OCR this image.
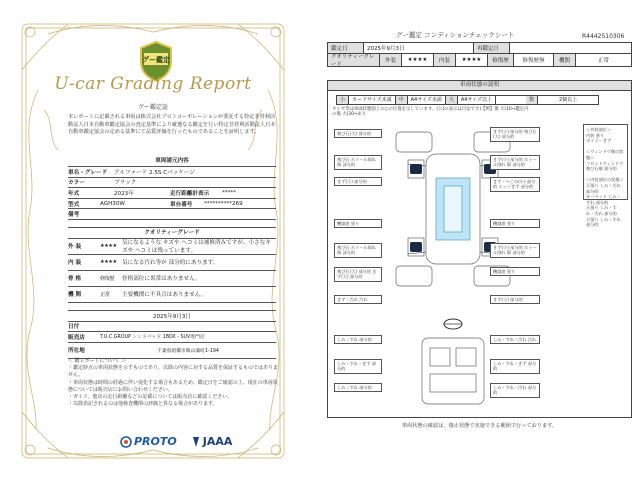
グー鑑定
U-car Grading Report
グー鑑定証
本レポートに記載される車両は株式会社プロトコーポレーションが委託する特定非営利活動法人日本自動車鑑定協会の査定基準により厳選なる鑑定を行い特定非営利活動法人日本自動車鑑定協会の定める基準にて品質評価を行ったものであることを証明します。
車両請元内容
車名・グレード	アルファード 2.5S Cパッケージ
カラー	ブラック
年式	2023年	走行距離計表示	*****
型式	AGH30W	車台番号	**********269
備考
クオリティーグレード
外 装	★★★★ 気になるような キズや へコミは補修済みですが、小さなキズや へコミは残っています。
内 装	★★★★ 気になる汚れ等が 部分的にあります。
骨 格	修復歴	骨格部位に異常はありません。
機 関	正常	主要機関に不具合はありません。
2025年9月3日
日付
販売店	T.U.C.GROUP シンドバッド 1BOX・SUV専門店
所在地	千葉県船橋市飯山満町1-194
＜ 鑑レポートについて ＞
・鑑定時点の車両状態を示すものであり、以降の内容に対する品質を保証するものではありません。
・車両状態は時間の経過に伴い変化する場合もあるため、鑑定日をご確認の上、現在の車両状態については販売店にお問い合わせください。
・ガイド、他店の走行距離などの記載については販売店に確認ください。
・以降表記されるのは他検査機関の評価と異なる場合があります。
PROTO JAAA
グー鑑定 コンディションチェックシート	R444251030​6
鑑定日	2025年9月3日	再鑑定日
クオリティーグレード
外装	★★★★	内装	★★★★	修復歴	修復歴無	機関	正常
車両状態の説明
小	カードサイズ未満	中	A4サイズ未満	大	A4サイズ以上	数	2個以上
タイヤ等は車両状態図上の○の位置を示しています。(公]の表示は目安です)【例】傷 大(10→鑑定内の傷 大(30→あり
飛び石(大) 部分的
飛び石 ホイール削れ 傷 部分的
きず(小) 部分的
機器窓 塗り
飛び石 ホイール削れ 傷 部分的
飛び石(大) 部分的 きず(大) 部分的
しみ・すれ 部分的
しみ・すれ・きず 部分的
しみ・すれ 部分的
きず(小) 部分的 飛び石(大) 部分的
きず(小) 部分的 ホイール削れ 傷 部分的
きず・へこみ(小) 部分的 エッジきず 部分的
機器窓 塗り
きず(小) 部分的 ホイール削れ 傷 部分的
機器窓 塗り
きず(小) 部分的
しみ・すれ・汚れ 汚れ
しみ・すれ・きず 部分的
しみ・すれ・汚れ 部分的
きず・汚れ 汚れ
＜外装部位＞
内装 塗り
ボイラーきず

＜ウィンドウ類の状態＞
フロントウィンドウ 飛び石痕 部分的

＜内装部位の状態＞
天張り しみ・汚れ 部分的
カーペット しみ・すれ 部分的
天張り しみ・すれ・汚れ 部分的
天張り しみ・すれ 部分的
車両状態の確認は、傷止状態で実施できる範囲で行っております。
